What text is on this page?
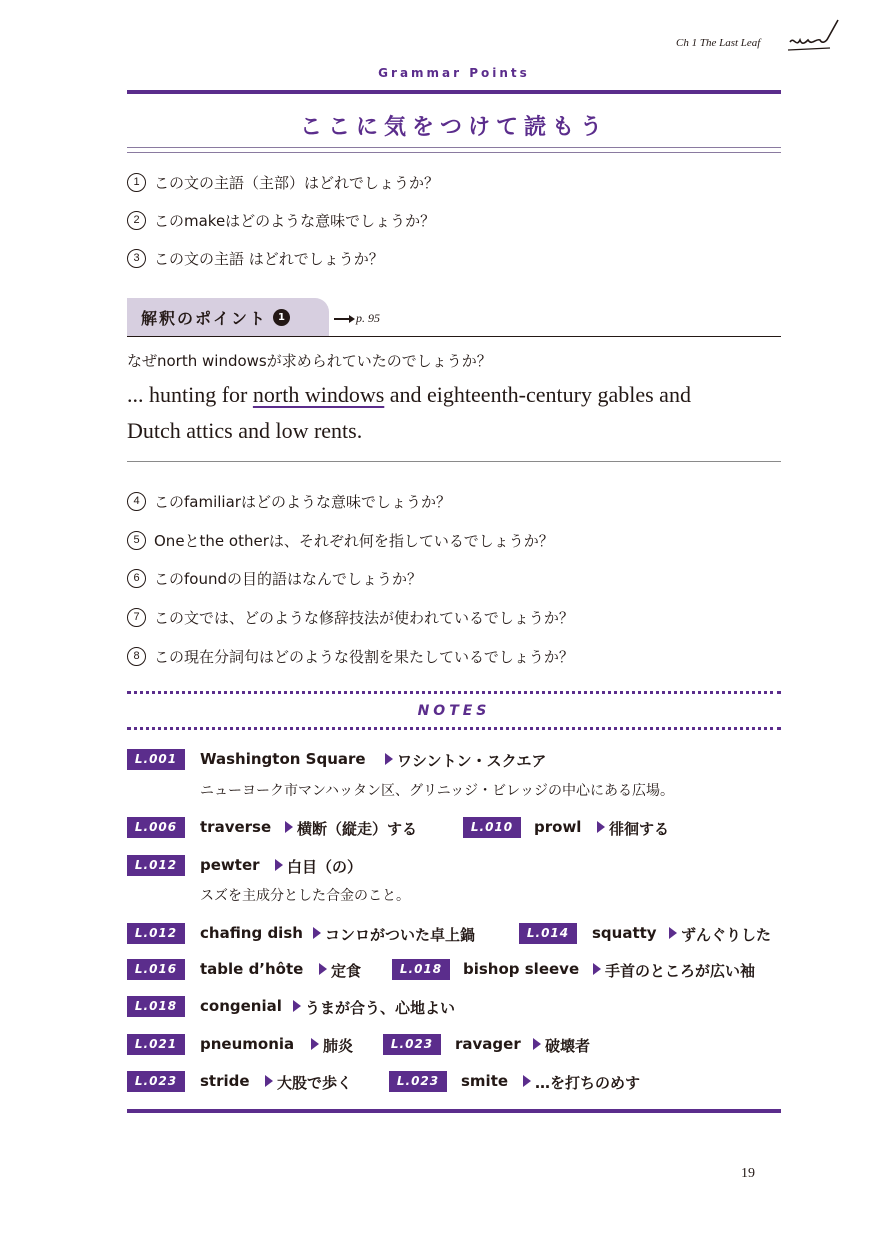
Ch 1 The Last Leaf
Grammar Points
ここに気をつけて読もう
1 この文の主語（主部）はどれでしょうか？
2 このmakeはどのような意味でしょうか？
3 この文の主語 はどれでしょうか？
解釈のポイント	1	p. 95
なぜnorth windowsが求められていたのでしょうか？
... hunting for north windows and eighteenth-century gables and
Dutch attics and low rents.
4 このfamiliarはどのような意味でしょうか？
5 Oneとthe otherは、それぞれ何を指しているでしょうか？
6 このfoundの目的語はなんでしょうか？
7 この文では、どのような修辞技法が使われているでしょうか？
8 この現在分詞句はどのような役割を果たしているでしょうか？
NOTES
L.001	Washington Square	ワシントン・スクエア
ニューヨーク市マンハッタン区、グリニッジ・ビレッジの中心にある広場。
L.006	traverse	横断（縦走）する	L.010	prowl	徘徊する
L.012	pewter	白目（の）
スズを主成分とした合金のこと。
L.012	chafing dish	コンロがついた卓上鍋	L.014	squatty	ずんぐりした
L.016	table d’hôte	定食	L.018	bishop sleeve	手首のところが広い袖
L.018	congenial	うまが合う、心地よい
L.021	pneumonia	肺炎	L.023	ravager	破壊者
L.023	stride	大股で歩く	L.023	smite	…を打ちのめす
19
